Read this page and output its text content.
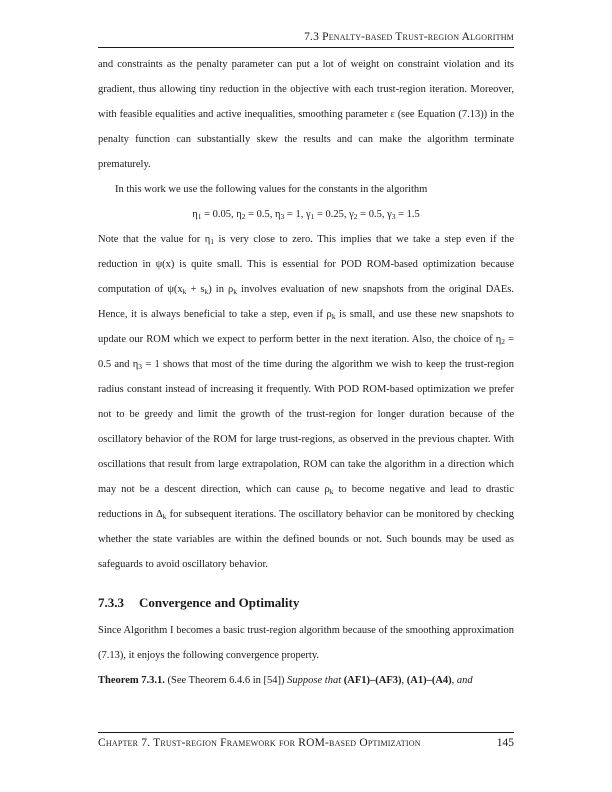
7.3 Penalty-based Trust-region Algorithm

and constraints as the penalty parameter can put a lot of weight on constraint violation and its gradient, thus allowing tiny reduction in the objective with each trust-region iteration. Moreover, with feasible equalities and active inequalities, smoothing parameter ε (see Equation (7.13)) in the penalty function can substantially skew the results and can make the algorithm terminate prematurely.

In this work we use the following values for the constants in the algorithm

$\eta_1 = 0.05$, $\eta_2 = 0.5$, $\eta_3 = 1$, $\gamma_1 = 0.25$, $\gamma_2 = 0.5$, $\gamma_3 = 1.5$

Note that the value for $\eta_1$ is very close to zero. This implies that we take a step even if the reduction in ψ(x) is quite small. This is essential for POD ROM-based optimization because computation of $\psi(x_k + s_k)$ in $\rho_k$ involves evaluation of new snapshots from the original DAEs. Hence, it is always beneficial to take a step, even if $\rho_k$ is small, and use these new snapshots to update our ROM which we expect to perform better in the next iteration. Also, the choice of $\eta_2 = 0.5$ and $\eta_3 = 1$ shows that most of the time during the algorithm we wish to keep the trust-region radius constant instead of increasing it frequently. With POD ROM-based optimization we prefer not to be greedy and limit the growth of the trust-region for longer duration because of the oscillatory behavior of the ROM for large trust-regions, as observed in the previous chapter. With oscillations that result from large extrapolation, ROM can take the algorithm in a direction which may not be a descent direction, which can cause $\rho_k$ to become negative and lead to drastic reductions in $\Delta_k$ for subsequent iterations. The oscillatory behavior can be monitored by checking whether the state variables are within the defined bounds or not. Such bounds may be used as safeguards to avoid oscillatory behavior.

7.3.3 Convergence and Optimality

Since Algorithm I becomes a basic trust-region algorithm because of the smoothing approximation (7.13), it enjoys the following convergence property.

Theorem 7.3.1. (See Theorem 6.4.6 in [54]) Suppose that (AF1)–(AF3), (A1)–(A4), and

Chapter 7. Trust-region Framework for ROM-based Optimization	145
